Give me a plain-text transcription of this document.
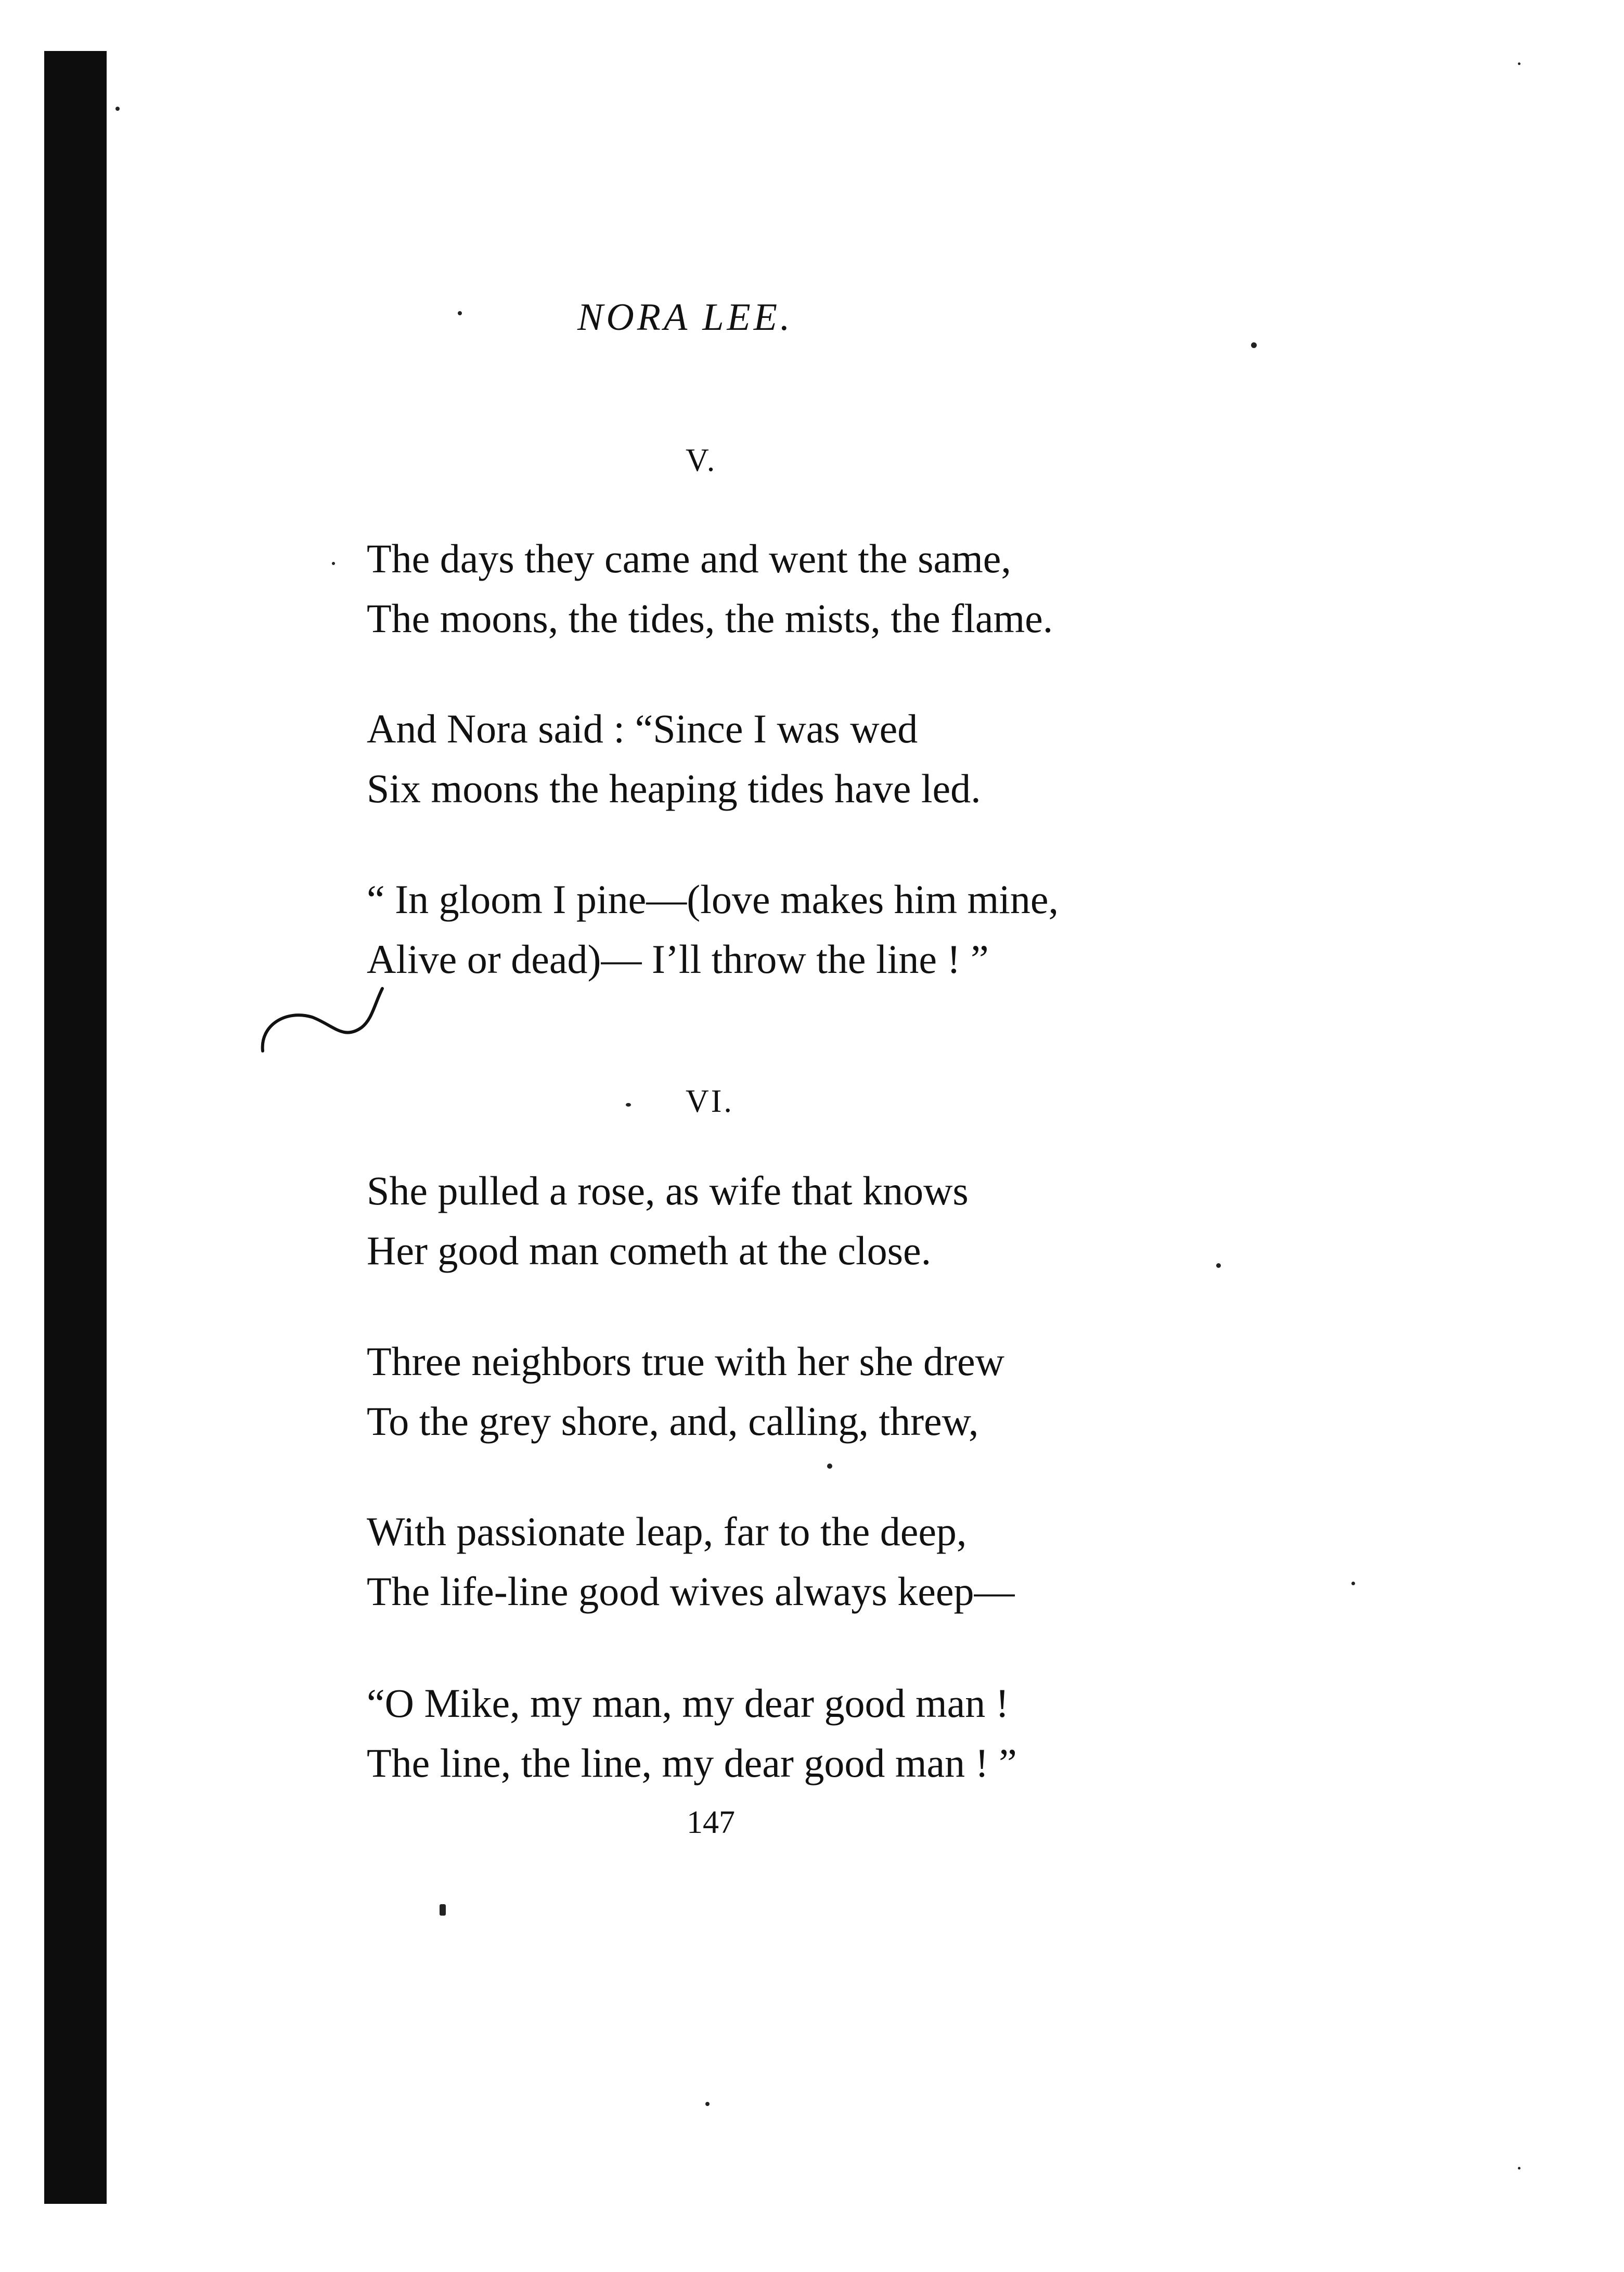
NORA LEE.
V.
The days they came and went the same,
The moons, the tides, the mists, the flame.
And Nora said : “Since I was wed
Six moons the heaping tides have led.
“ In gloom I pine—(love makes him mine,
Alive or dead)— I’ll throw the line ! ”
VI.
She pulled a rose, as wife that knows
Her good man cometh at the close.
Three neighbors true with her she drew
To the grey shore, and, calling, threw,
With passionate leap, far to the deep,
The life-line good wives always keep—
“O Mike, my man, my dear good man !
The line, the line, my dear good man ! ”
147
